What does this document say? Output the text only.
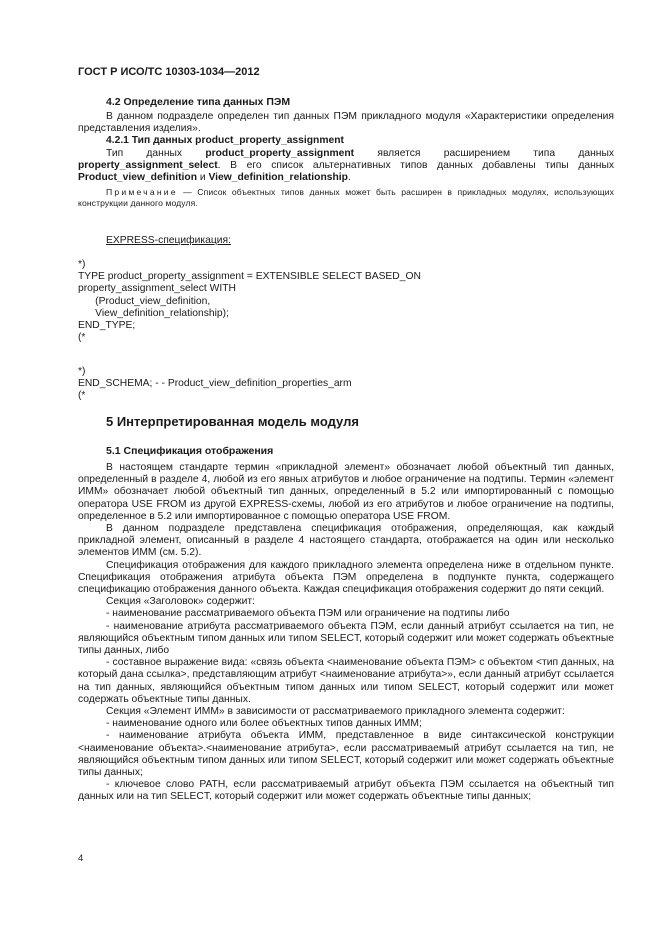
ГОСТ Р ИСО/ТС 10303-1034—2012
4.2 Определение типа данных ПЭМ

В данном подразделе определен тип данных ПЭМ прикладного модуля «Характеристики определения представления изделия».

4.2.1 Тип данных product_property_assignment

Тип данных product_property_assignment является расширением типа данных property_assignment_select. В его список альтернативных типов данных добавлены типы данных Product_view_definition и View_definition_relationship.

Примечание — Список объектных типов данных может быть расширен в прикладных модулях, использующих конструкции данного модуля.

EXPRESS-спецификация:

*)
TYPE product_property_assignment = EXTENSIBLE SELECT BASED_ON
property_assignment_select WITH
(Product_view_definition,
View_definition_relationship);
END_TYPE;
(*
*)
END_SCHEMA; - - Product_view_definition_properties_arm
(*
5 Интерпретированная модель модуля
5.1 Спецификация отображения

В настоящем стандарте термин «прикладной элемент» обозначает любой объектный тип данных, определенный в разделе 4, любой из его явных атрибутов и любое ограничение на подтипы. Термин «элемент ИММ» обозначает любой объектный тип данных, определенный в 5.2 или импортированный с помощью оператора USE FROM из другой EXPRESS-схемы, любой из его атрибутов и любое ограничение на подтипы, определенное в 5.2 или импортированное с помощью оператора USE FROM.

В данном подразделе представлена спецификация отображения, определяющая, как каждый прикладной элемент, описанный в разделе 4 настоящего стандарта, отображается на один или несколько элементов ИММ (см. 5.2).

Спецификация отображения для каждого прикладного элемента определена ниже в отдельном пункте. Спецификация отображения атрибута объекта ПЭМ определена в подпункте пункта, содержащего спецификацию отображения данного объекта. Каждая спецификация отображения содержит до пяти секций.

Секция «Заголовок» содержит:

- наименование рассматриваемого объекта ПЭМ или ограничение на подтипы либо

- наименование атрибута рассматриваемого объекта ПЭМ, если данный атрибут ссылается на тип, не являющийся объектным типом данных или типом SELECT, который содержит или может содержать объектные типы данных, либо

- составное выражение вида: «связь объекта <наименование объекта ПЭМ> с объектом <тип данных, на который дана ссылка>, представляющим атрибут <наименование атрибута>», если данный атрибут ссылается на тип данных, являющийся объектным типом данных или типом SELECT, который содержит или может содержать объектные типы данных.

Секция «Элемент ИММ» в зависимости от рассматриваемого прикладного элемента содержит:

- наименование одного или более объектных типов данных ИММ;

- наименование атрибута объекта ИММ, представленное в виде синтаксической конструкции <наименование объекта>.<наименование атрибута>, если рассматриваемый атрибут ссылается на тип, не являющийся объектным типом данных или типом SELECT, который содержит или может содержать объектные типы данных;

- ключевое слово PATH, если рассматриваемый атрибут объекта ПЭМ ссылается на объектный тип данных или на тип SELECT, который содержит или может содержать объектные типы данных;

4
